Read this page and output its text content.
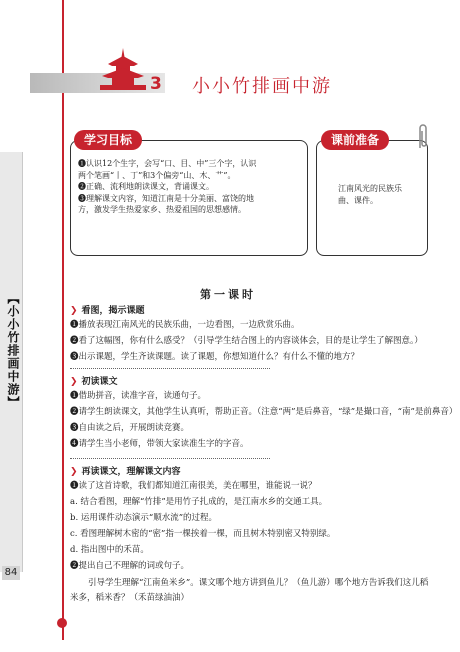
【小小竹排画中游】
84
3 小小竹排画中游
学习目标
❶认识12个生字，会写“口、目、中”三个字，认识
两个笔画“丨、丁”和3个偏旁“山、木、艹”。
❷正确、流利地朗读课文，背诵课文。
❸理解课文内容，知道江南是十分美丽、富饶的地
方，激发学生热爱家乡、热爱祖国的思想感情。
课前准备
江南风光的民族乐曲、课件。
第一课时
❯ 看图，揭示课题
❶播放表现江南风光的民族乐曲，一边看图，一边欣赏乐曲。
❷看了这幅图，你有什么感受？（引导学生结合图上的内容谈体会，目的是让学生了解图意。）
❸出示课题，学生齐读课题。读了课题，你想知道什么？有什么不懂的地方？
❯ 初读课文
❶借助拼音，读准字音，读通句子。
❷请学生朗读课文，其他学生认真听，帮助正音。（注意“两”是后鼻音，“绿”是撮口音，“南”是前鼻音）
❸自由读之后，开展朗读竞赛。
❹请学生当小老师，带领大家读准生字的字音。
❯ 再读课文，理解课文内容
❶读了这首诗歌，我们都知道江南很美，美在哪里，谁能说一说？
a. 结合看图，理解“竹排”是用竹子扎成的，是江南水乡的交通工具。
b. 运用课件动态演示“顺水流”的过程。
c. 看图理解树木密的“密”指一棵挨着一棵，而且树木特别密又特别绿。
d. 指出图中的禾苗。
❷提出自己不理解的词或句子。
引导学生理解“江南鱼米乡”。课文哪个地方讲到鱼儿？（鱼儿游）哪个地方告诉我们这儿稻米多，稻米香？（禾苗绿油油）
